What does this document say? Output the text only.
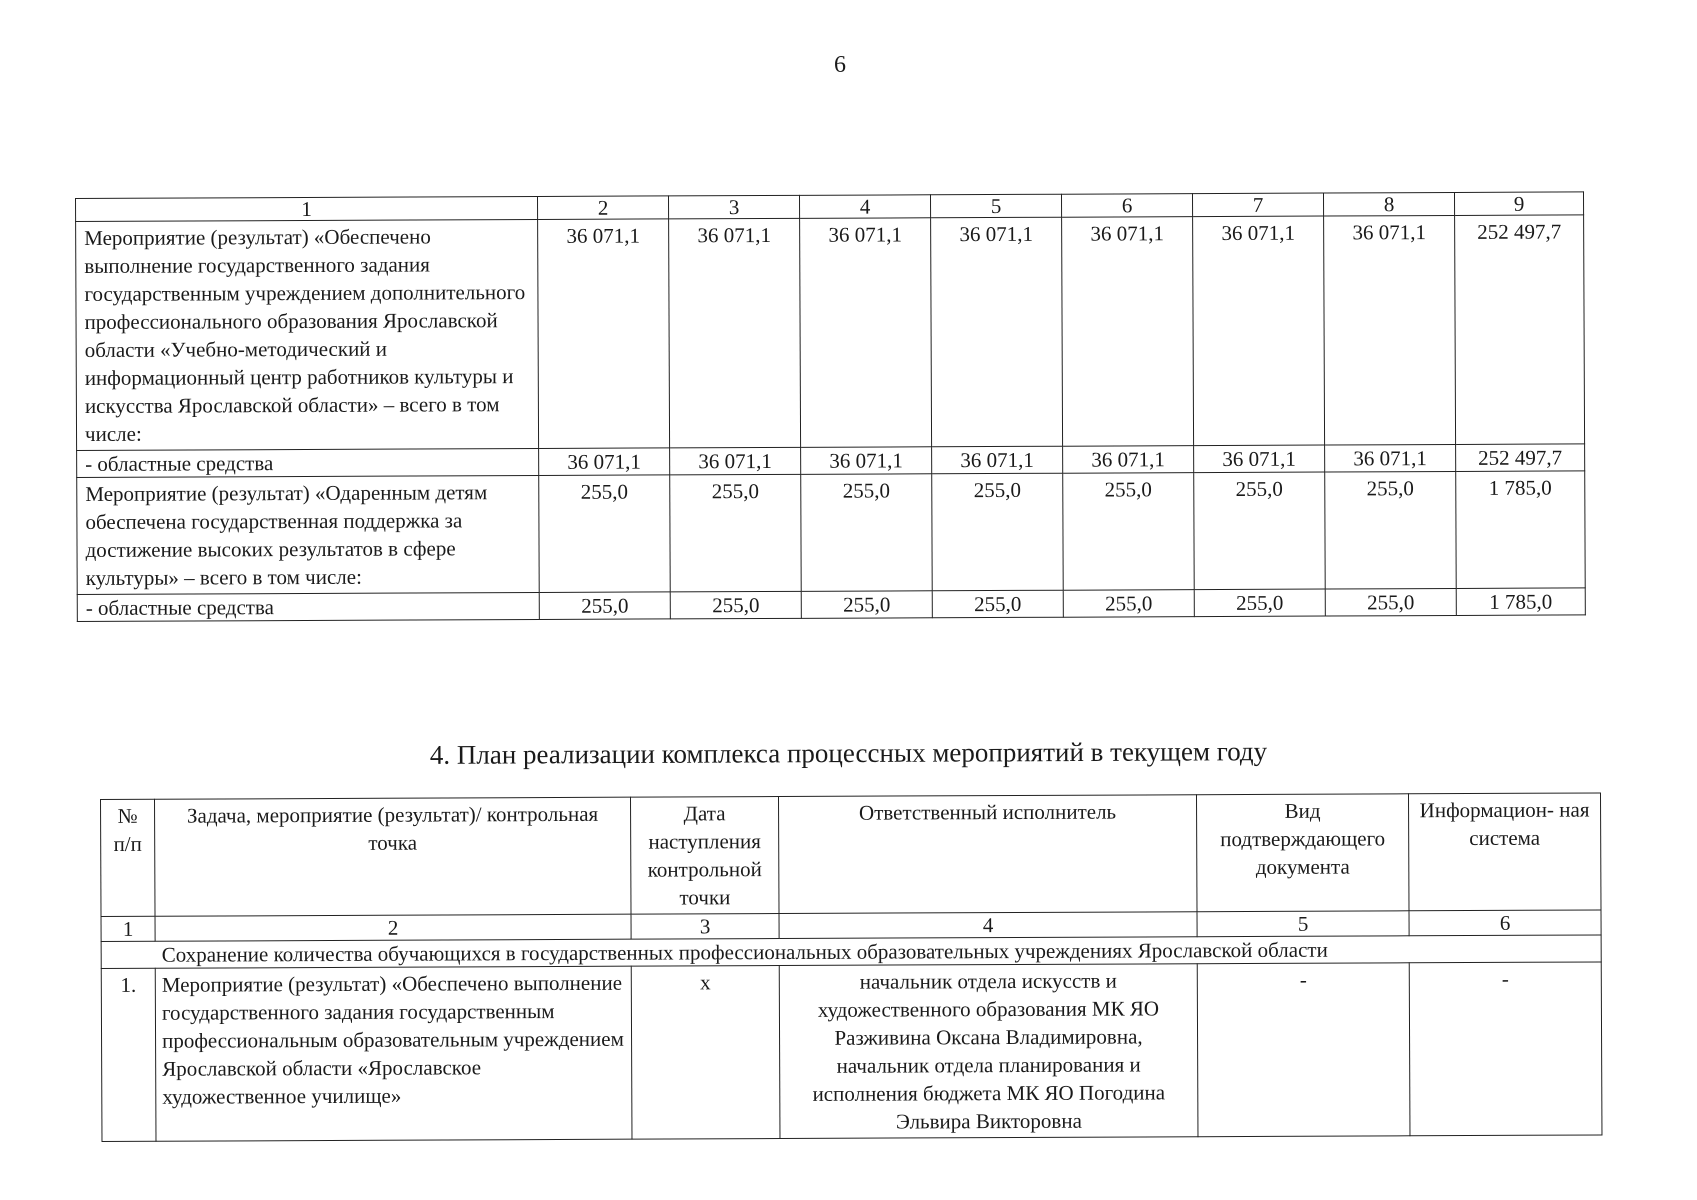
6
1	2	3	4	5	6	7	8	9
Мероприятие (результат) «Обеспечено выполнение государственного задания государственным учреждением дополнительного профессионального образования Ярославской области «Учебно-методический и информационный центр работников культуры и искусства Ярославской области» – всего в том числе:	36 071,1	36 071,1	36 071,1	36 071,1	36 071,1	36 071,1	36 071,1	252 497,7
- областные средства	36 071,1	36 071,1	36 071,1	36 071,1	36 071,1	36 071,1	36 071,1	252 497,7
Мероприятие (результат) «Одаренным детям обеспечена государственная поддержка за достижение высоких результатов в сфере культуры» – всего в том числе:	255,0	255,0	255,0	255,0	255,0	255,0	255,0	1 785,0
- областные средства	255,0	255,0	255,0	255,0	255,0	255,0	255,0	1 785,0
4. План реализации комплекса процессных мероприятий в текущем году
№ п/п	Задача, мероприятие (результат)/ контрольная точка	Дата наступления контрольной точки	Ответственный исполнитель	Вид подтверждающего документа	Информацион- ная система
1	2	3	4	5	6
Сохранение количества обучающихся в государственных профессиональных образовательных учреждениях Ярославской области					
1.	Мероприятие (результат) «Обеспечено выполнение государственного задания государственным профессиональным образовательным учреждением Ярославской области «Ярославское художественное училище»	х	начальник отдела искусств и художественного образования МК ЯО Разживина Оксана Владимировна, начальник отдела планирования и исполнения бюджета МК ЯО Погодина Эльвира Викторовна	-	-
